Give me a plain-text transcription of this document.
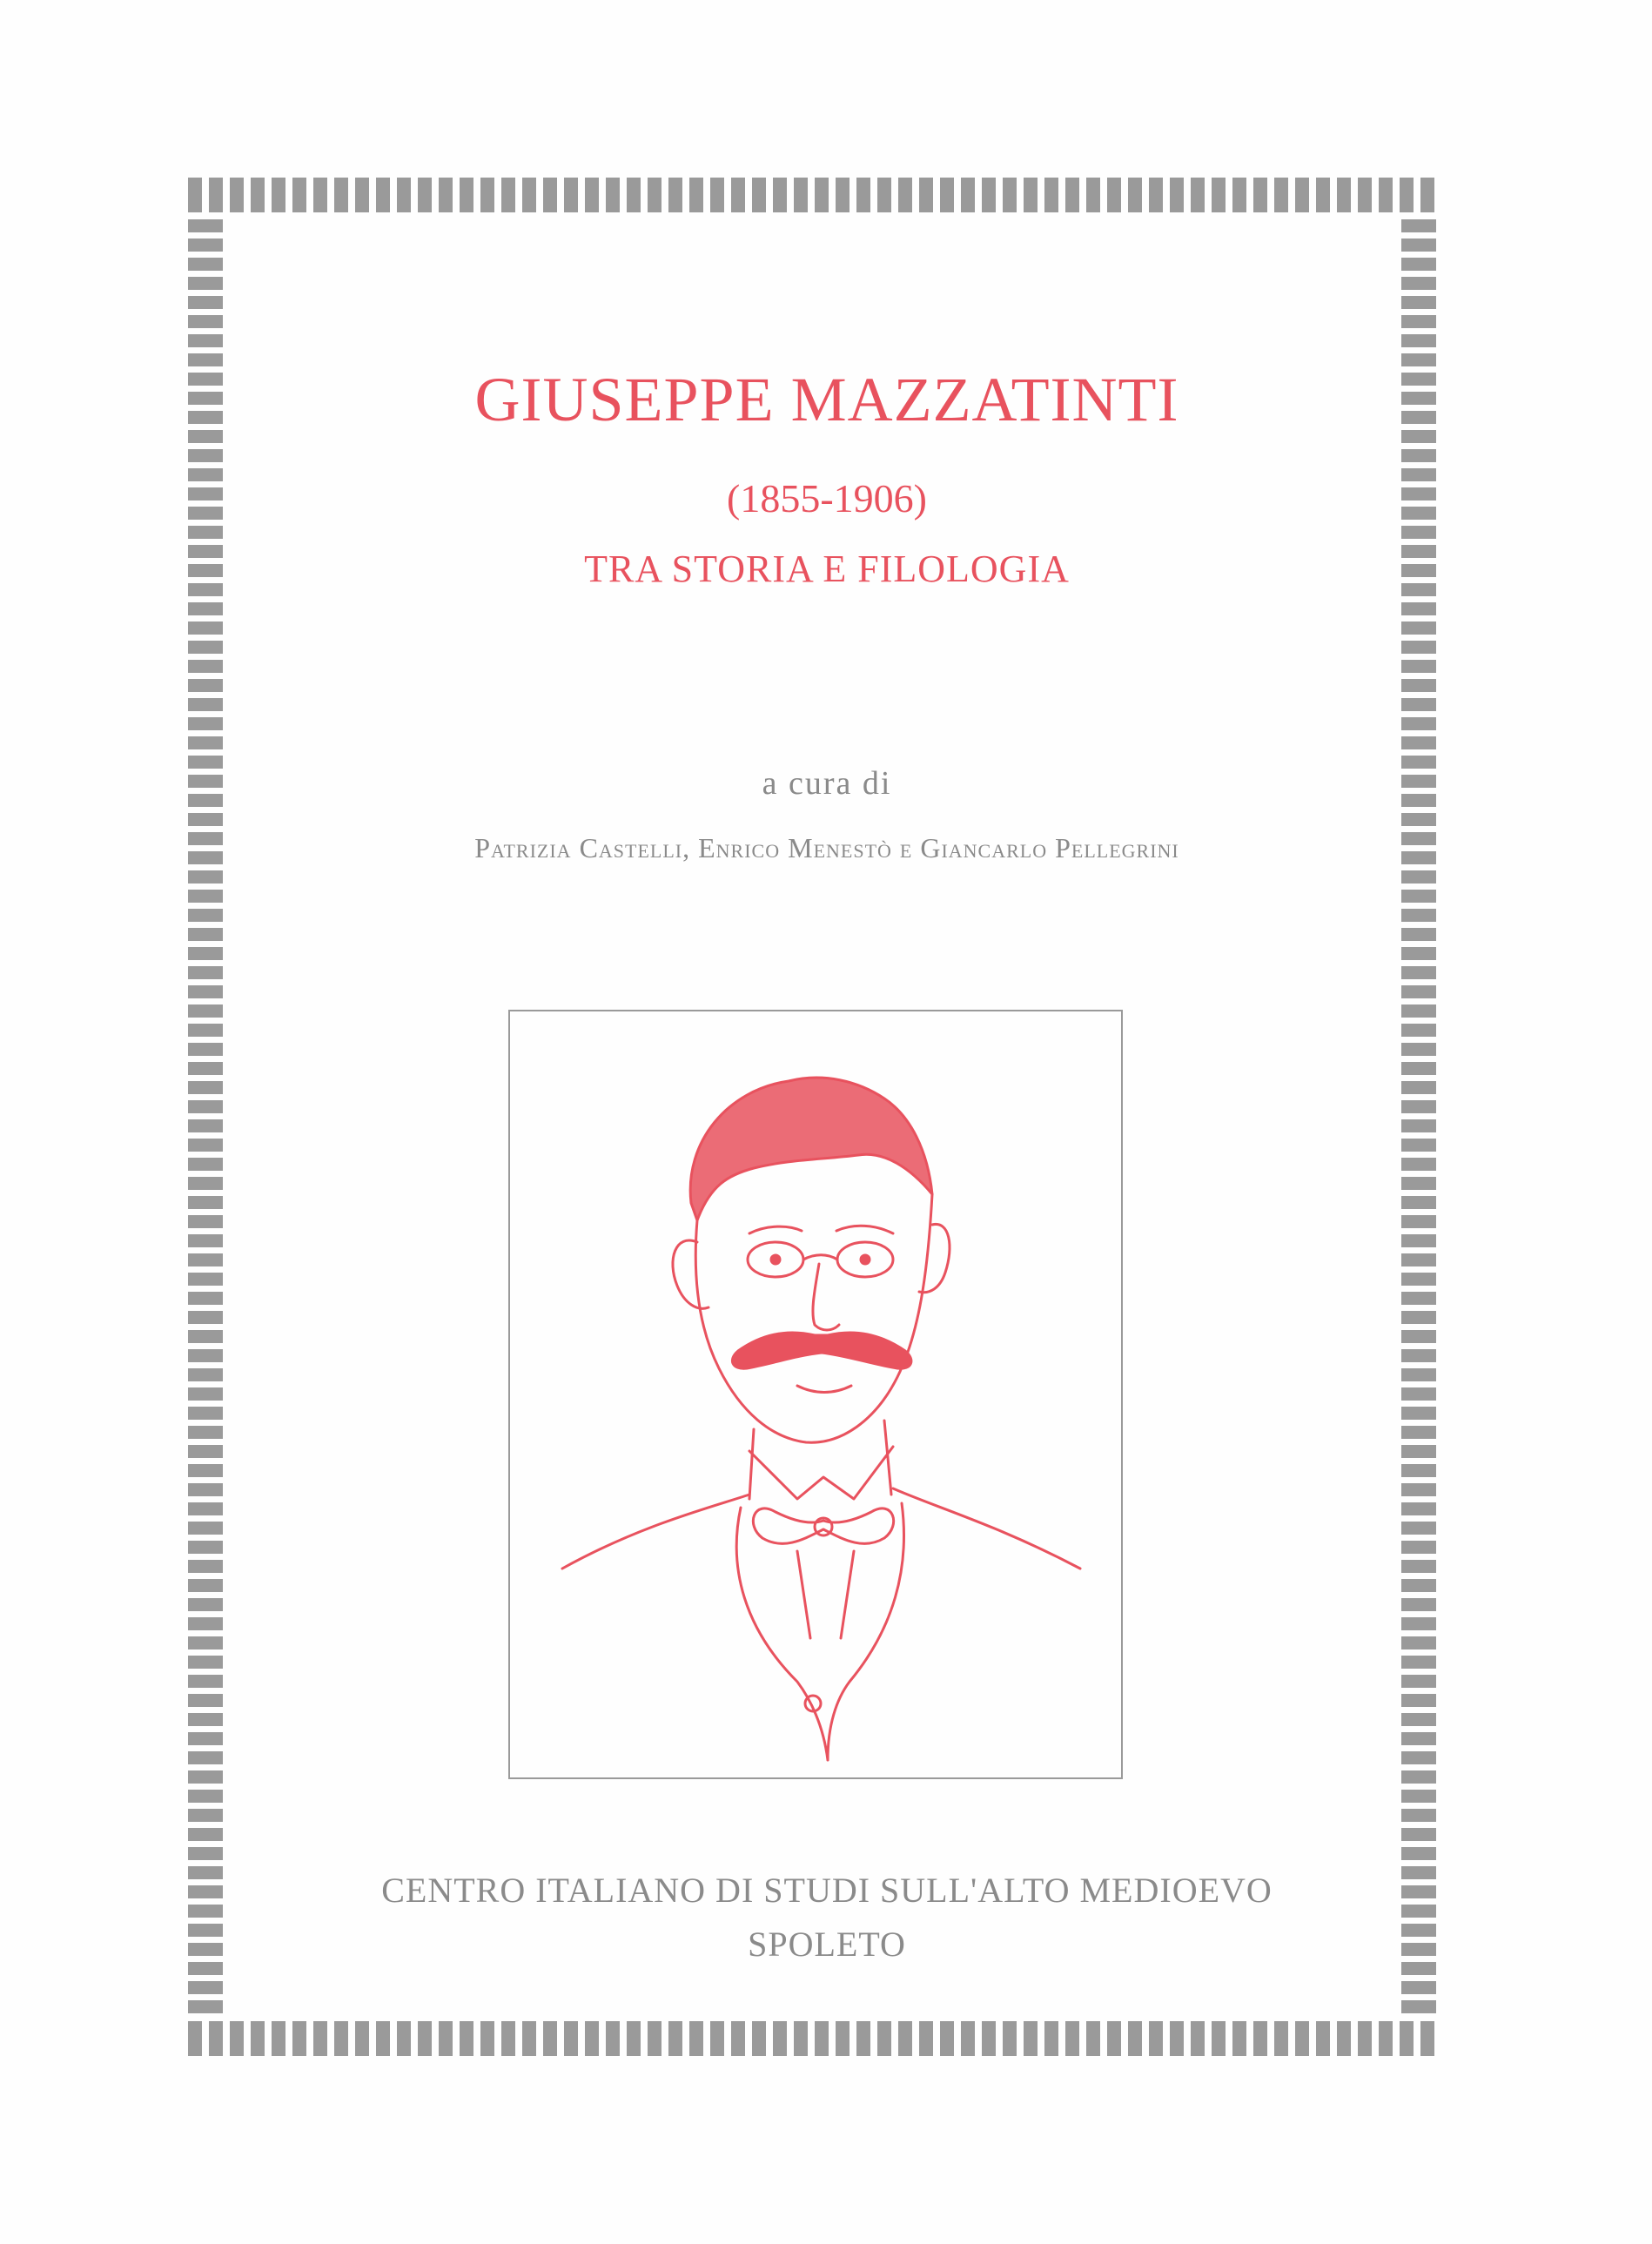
GIUSEPPE MAZZATINTI
(1855-1906)
TRA STORIA E FILOLOGIA
a cura di
Patrizia Castelli, Enrico Menestò e Giancarlo Pellegrini
CENTRO ITALIANO DI STUDI SULL'ALTO MEDIOEVO
SPOLETO
